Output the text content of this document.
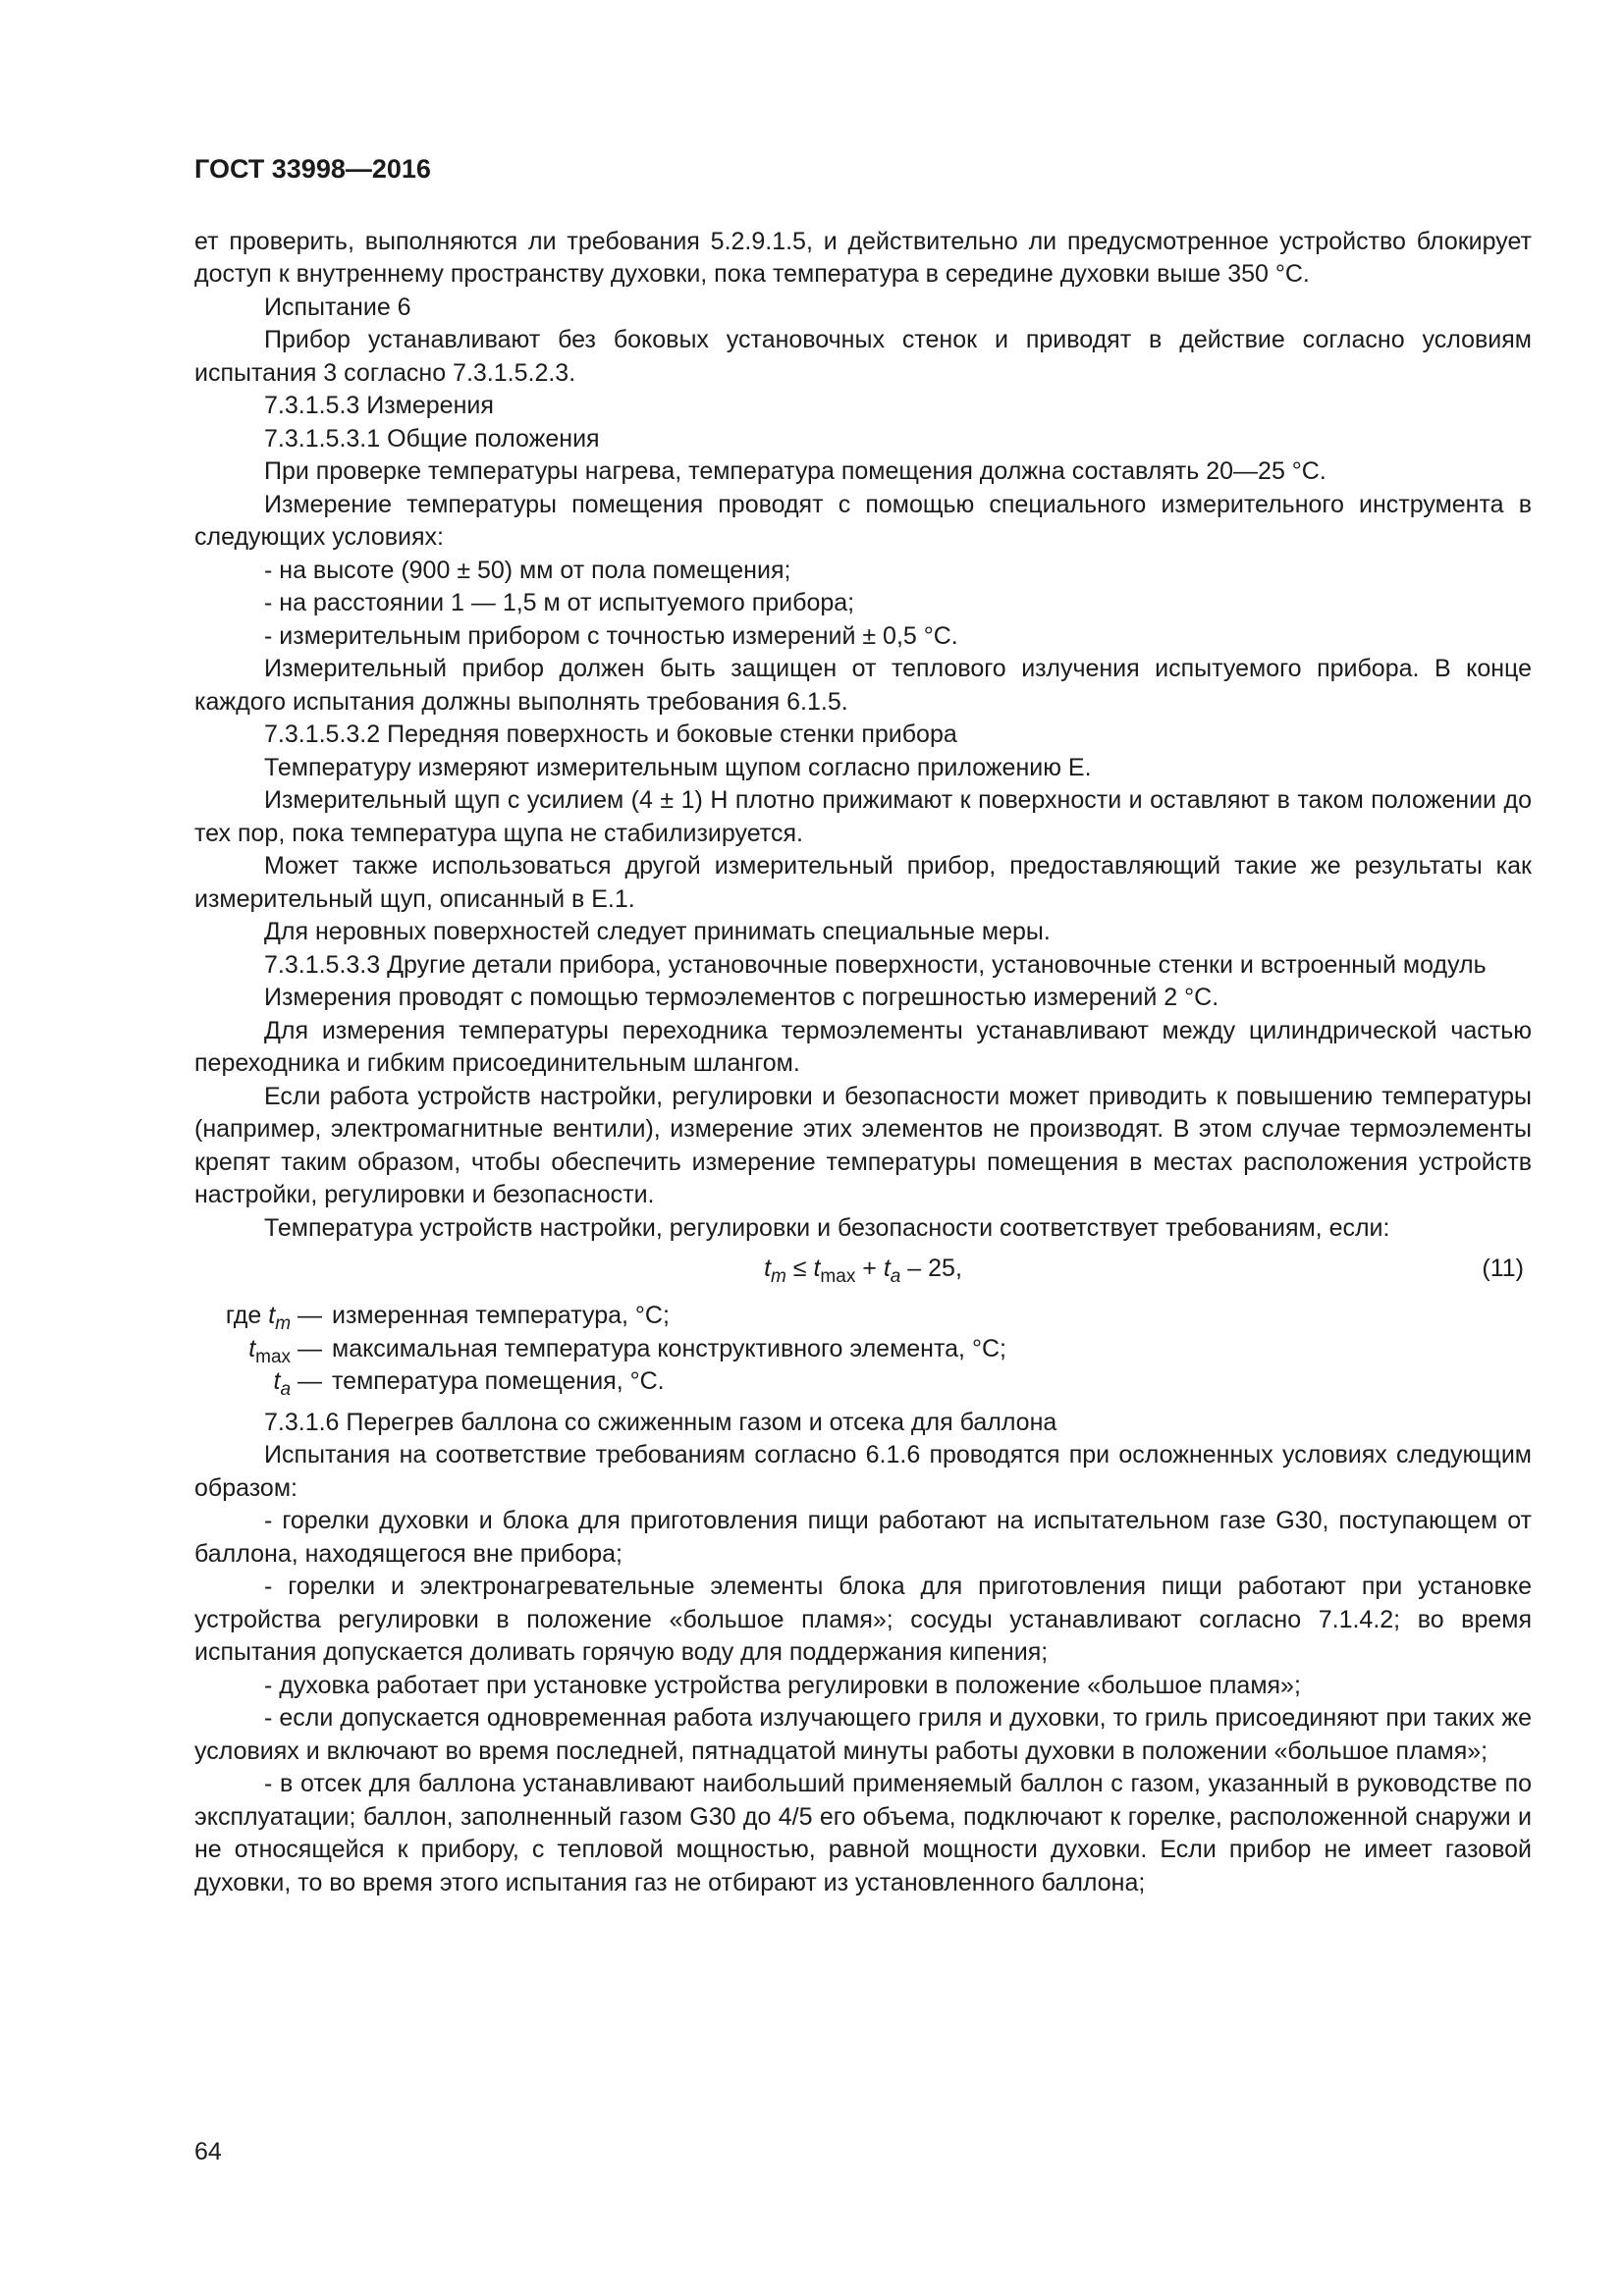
ГОСТ 33998—2016

ет проверить, выполняются ли требования 5.2.9.1.5, и действительно ли предусмотренное устройство блокирует доступ к внутреннему пространству духовки, пока температура в середине духовки выше 350 °С.

Испытание 6

Прибор устанавливают без боковых установочных стенок и приводят в действие согласно условиям испытания 3 согласно 7.3.1.5.2.3.

7.3.1.5.3 Измерения

7.3.1.5.3.1 Общие положения

При проверке температуры нагрева, температура помещения должна составлять 20—25 °С.

Измерение температуры помещения проводят с помощью специального измерительного инструмента в следующих условиях:

- на высоте (900 ± 50) мм от пола помещения;

- на расстоянии 1 — 1,5 м от испытуемого прибора;

- измерительным прибором с точностью измерений ± 0,5 °С.

Измерительный прибор должен быть защищен от теплового излучения испытуемого прибора. В конце каждого испытания должны выполнять требования 6.1.5.

7.3.1.5.3.2 Передняя поверхность и боковые стенки прибора

Температуру измеряют измерительным щупом согласно приложению Е.

Измерительный щуп с усилием (4 ± 1) Н плотно прижимают к поверхности и оставляют в таком положении до тех пор, пока температура щупа не стабилизируется.

Может также использоваться другой измерительный прибор, предоставляющий такие же результаты как измерительный щуп, описанный в Е.1.

Для неровных поверхностей следует принимать специальные меры.

7.3.1.5.3.3 Другие детали прибора, установочные поверхности, установочные стенки и встроенный модуль

Измерения проводят с помощью термоэлементов с погрешностью измерений 2 °С.

Для измерения температуры переходника термоэлементы устанавливают между цилиндрической частью переходника и гибким присоединительным шлангом.

Если работа устройств настройки, регулировки и безопасности может приводить к повышению температуры (например, электромагнитные вентили), измерение этих элементов не производят. В этом случае термоэлементы крепят таким образом, чтобы обеспечить измерение температуры помещения в местах расположения устройств настройки, регулировки и безопасности.

Температура устройств настройки, регулировки и безопасности соответствует требованиям, если:

$t_m \le t_{max} + t_a - 25$,	(11)
где $t_m$ — измеренная температура, °С;
$t_{max}$ — максимальная температура конструктивного элемента, °С;
$t_a$ — температура помещения, °С.

7.3.1.6 Перегрев баллона со сжиженным газом и отсека для баллона

Испытания на соответствие требованиям согласно 6.1.6 проводятся при осложненных условиях следующим образом:

- горелки духовки и блока для приготовления пищи работают на испытательном газе G30, поступающем от баллона, находящегося вне прибора;

- горелки и электронагревательные элементы блока для приготовления пищи работают при установке устройства регулировки в положение «большое пламя»; сосуды устанавливают согласно 7.1.4.2; во время испытания допускается доливать горячую воду для поддержания кипения;

- духовка работает при установке устройства регулировки в положение «большое пламя»;

- если допускается одновременная работа излучающего гриля и духовки, то гриль присоединяют при таких же условиях и включают во время последней, пятнадцатой минуты работы духовки в положении «большое пламя»;

- в отсек для баллона устанавливают наибольший применяемый баллон с газом, указанный в руководстве по эксплуатации; баллон, заполненный газом G30 до 4/5 его объема, подключают к горелке, расположенной снаружи и не относящейся к прибору, с тепловой мощностью, равной мощности духовки. Если прибор не имеет газовой духовки, то во время этого испытания газ не отбирают из установленного баллона;

64
